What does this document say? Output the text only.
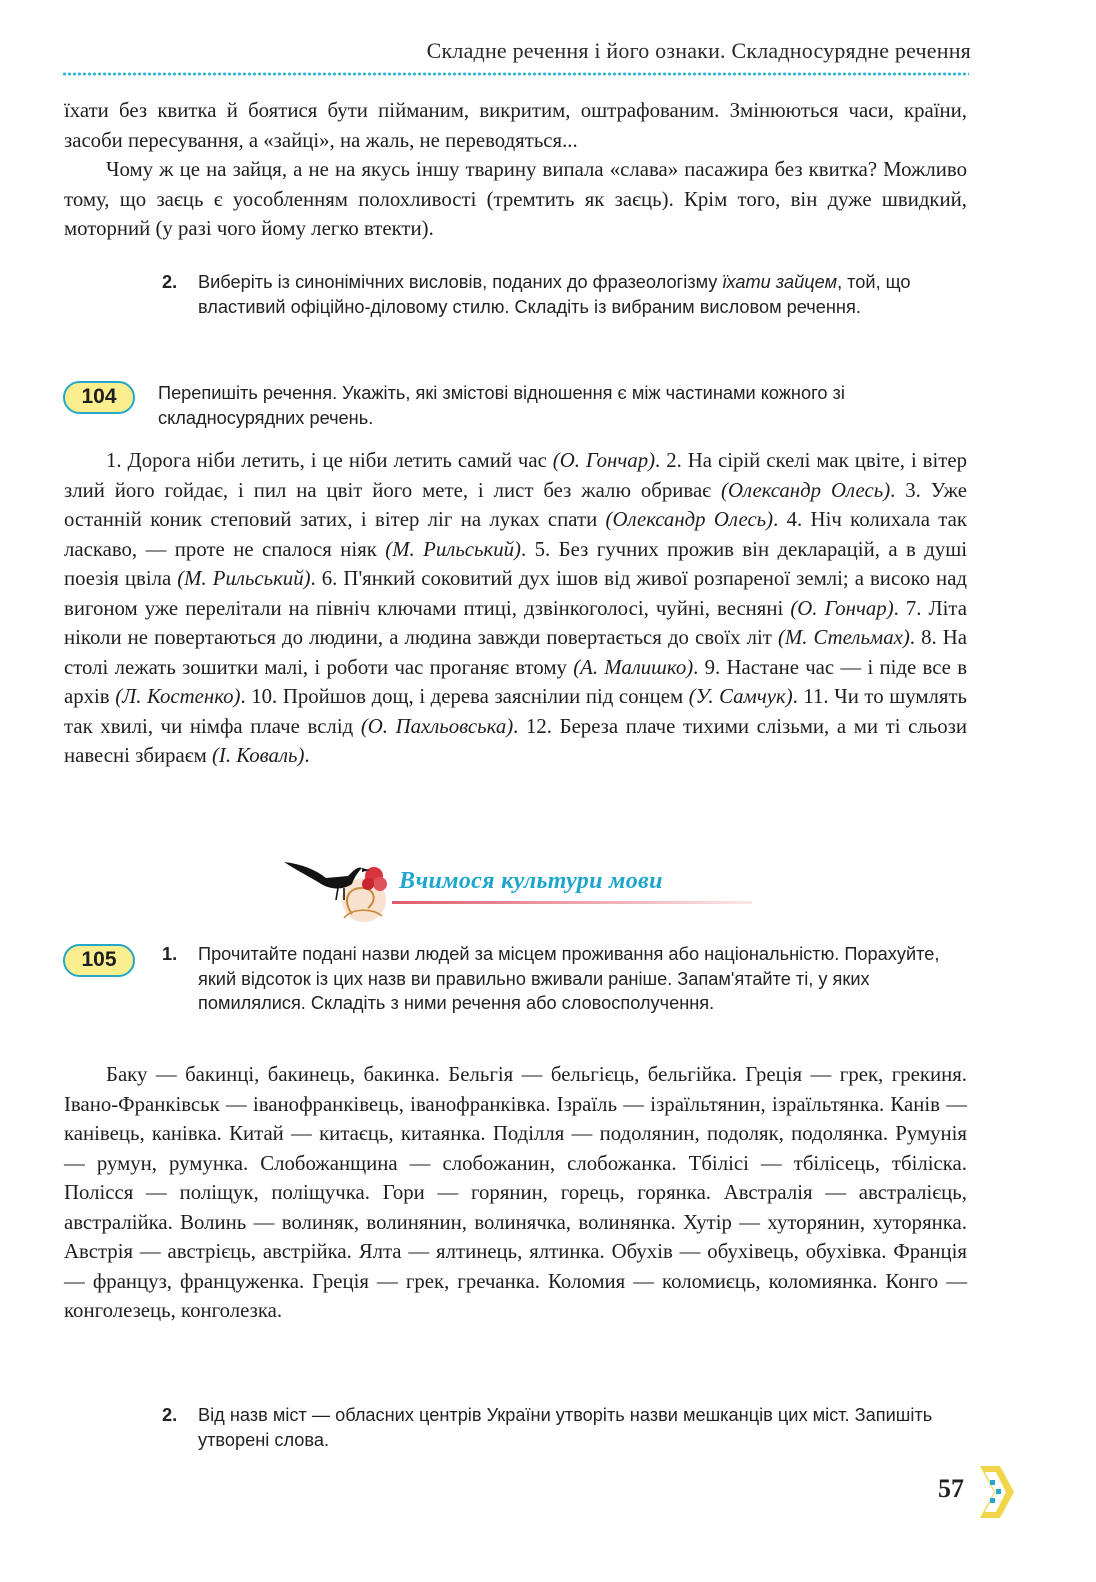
Складне речення і його ознаки. Складносурядне речення

їхати без квитка й боятися бути пійманим, викритим, оштрафованим. Змінюються часи, країни, засоби пересування, а «зайці», на жаль, не переводяться...

Чому ж це на зайця, а не на якусь іншу тварину випала «слава» пасажира без квитка? Можливо тому, що заєць є уособленням полохливості (тремтить як заєць). Крім того, він дуже швидкий, моторний (у разі чого йому легко втекти).

2. Виберіть із синонімічних висловів, поданих до фразеологізму їхати зайцем, той, що властивий офіційно-діловому стилю. Складіть із вибраним висловом речення.
104	Перепишіть речення. Укажіть, які змістові відношення є між частинами кожного зі складносурядних речень.
1. Дорога ніби летить, і це ніби летить самий час (О. Гончар). 2. На сірій скелі мак цвіте, і вітер злий його гойдає, і пил на цвіт його мете, і лист без жалю обриває (Олександр Олесь). 3. Уже останній коник степовий затих, і вітер ліг на луках спати (Олександр Олесь). 4. Ніч колихала так ласкаво, — проте не спалося ніяк (М. Рильський). 5. Без гучних прожив він декларацій, а в душі поезія цвіла (М. Рильський). 6. П'янкий соковитий дух ішов від живої розпареної землі; а високо над вигоном уже перелітали на північ ключами птиці, дзвінкоголосі, чуйні, весняні (О. Гончар). 7. Літа ніколи не повертаються до людини, а людина завжди повертається до своїх літ (М. Стельмах). 8. На столі лежать зошитки малі, і роботи час проганяє втому (А. Малишко). 9. Настане час — і піде все в архів (Л. Костенко). 10. Пройшов дощ, і дерева заяснілии під сонцем (У. Самчук). 11. Чи то шумлять так хвилі, чи німфа плаче вслід (О. Пахльовська). 12. Береза плаче тихими слізьми, а ми ті сльози навесні збираєм (І. Коваль).
Вчимося культури мови
105	1. Прочитайте подані назви людей за місцем проживання або національністю. Порахуйте, який відсоток із цих назв ви правильно вживали раніше. Запам'ятайте ті, у яких помилялися. Складіть з ними речення або словосполучення.
Баку — бакинці, бакинець, бакинка. Бельгія — бельгієць, бельгійка. Греція — грек, грекиня. Івано-Франківськ — іванофранківець, іванофранківка. Ізраїль — ізраїльтянин, ізраїльтянка. Канів — канівець, канівка. Китай — китаєць, китаянка. Поділля — подолянин, подоляк, подолянка. Румунія — румун, румунка. Слобожанщина — слобожанин, слобожанка. Тбілісі — тбілісець, тбіліска. Полісся — поліщук, поліщучка. Гори — горянин, горець, горянка. Австралія — австралієць, австралійка. Волинь — волиняк, волинянин, волинячка, волинянка. Хутір — хуторянин, хуторянка. Австрія — австрієць, австрійка. Ялта — ялтинець, ялтинка. Обухів — обухівець, обухівка. Франція — француз, француженка. Греція — грек, гречанка. Коломия — коломиєць, коломиянка. Конго — конголезець, конголезка.
2. Від назв міст — обласних центрів України утворіть назви мешканців цих міст. Запишіть утворені слова.
57
